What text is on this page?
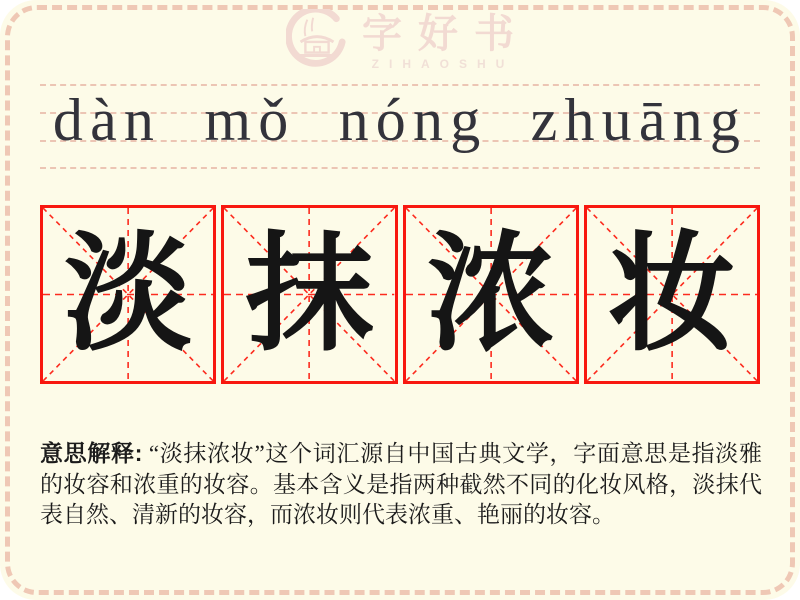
字好书
ZIHAOSHU
dàn mǒ nóng zhuāng
淡 抹 浓 妆
意思解释: “淡抹浓妆”这个词汇源自中国古典文学，字面意思是指淡雅的妆容和浓重的妆容。基本含义是指两种截然不同的化妆风格，淡抹代表自然、清新的妆容，而浓妆则代表浓重、艳丽的妆容。
